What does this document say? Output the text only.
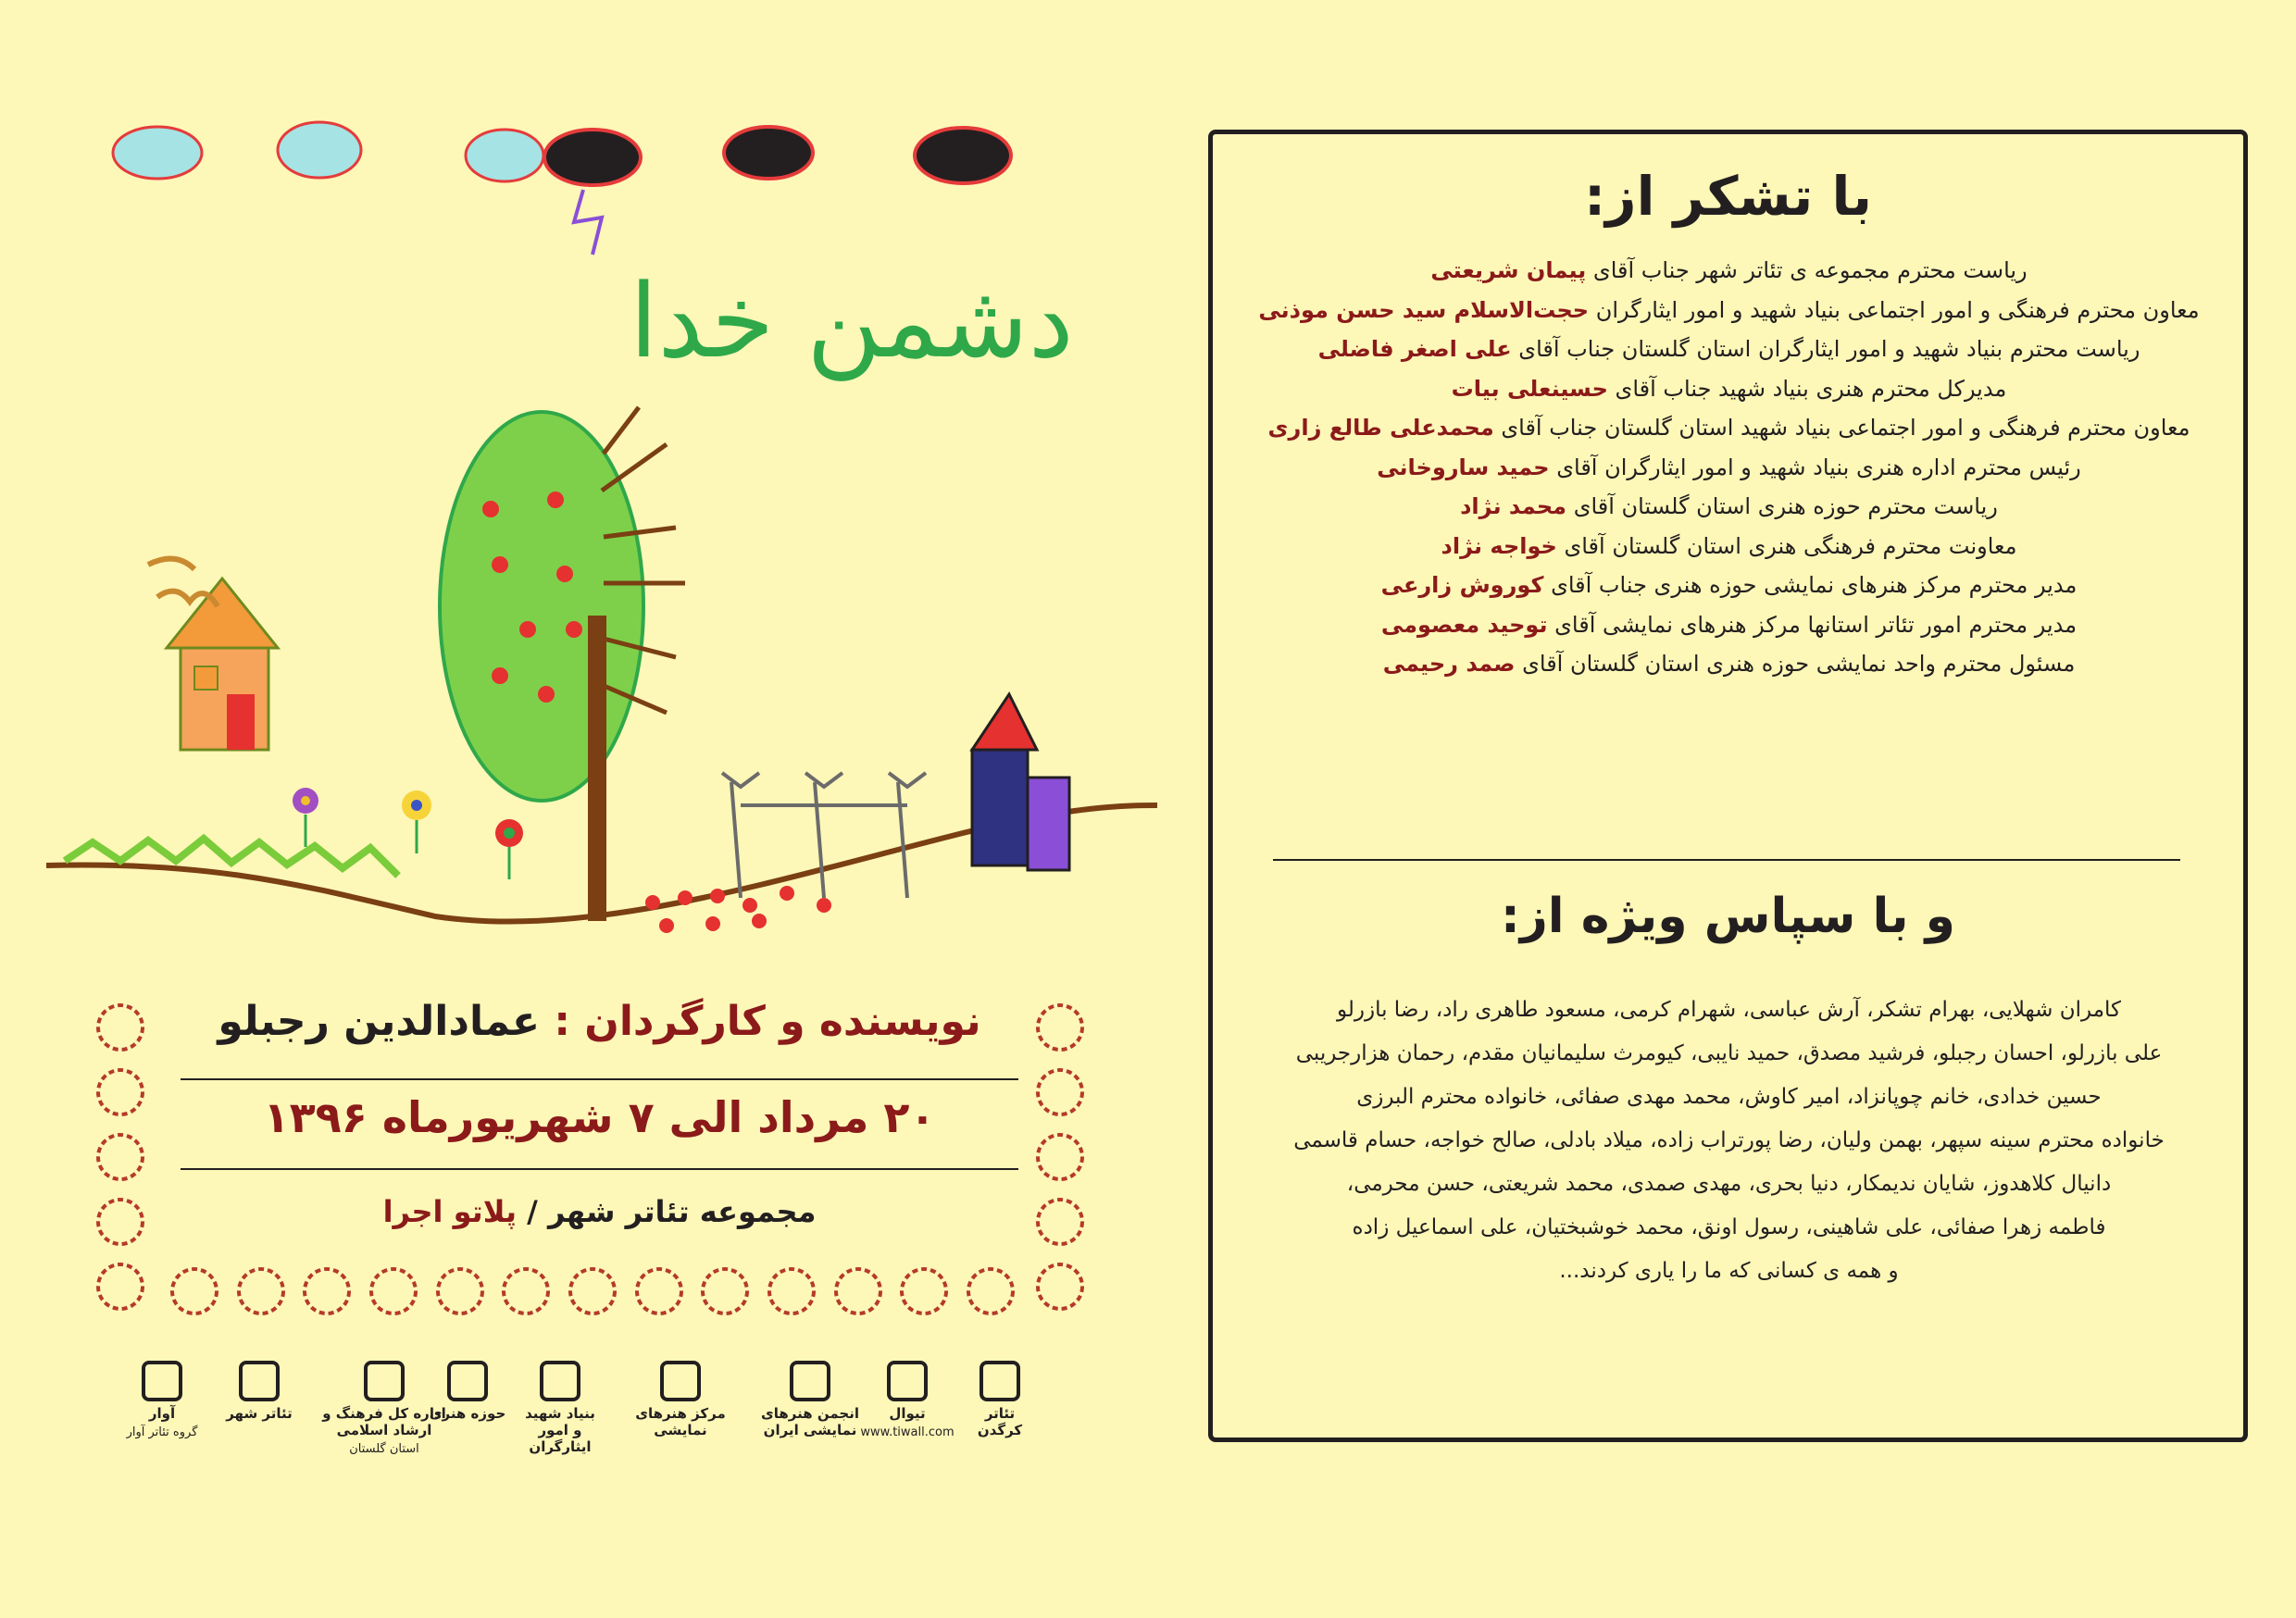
دشمن خدا
نویسنده و کارگردان : عمادالدین رجبلو
۲۰ مرداد الی ۷ شهریورماه ۱۳۹۶
مجموعه تئاتر شهر / پلاتو اجرا
تئاتر کرگدن
تیوال
www.tiwall.com
انجمن هنرهای نمایشی ایران
مرکز هنرهای نمایشی
بنیاد شهید و امور ایثارگران
حوزه هنری
اداره کل فرهنگ و ارشاد اسلامی
استان گلستان
تئاتر شهر
آوار
گروه تئاتر آوار
با تشکر از:
ریاست محترم مجموعه ی تئاتر شهر جناب آقای پیمان شریعتی
معاون محترم فرهنگی و امور اجتماعی بنیاد شهید و امور ایثارگران حجت‌الاسلام سید حسن موذنی
ریاست محترم بنیاد شهید و امور ایثارگران استان گلستان جناب آقای علی اصغر فاضلی
مدیرکل محترم هنری بنیاد شهید جناب آقای حسینعلی بیات
معاون محترم فرهنگی و امور اجتماعی بنیاد شهید استان گلستان جناب آقای محمدعلی طالع زاری
رئیس محترم اداره هنری بنیاد شهید و امور ایثارگران آقای حمید ساروخانی
ریاست محترم حوزه هنری استان گلستان آقای محمد نژاد
معاونت محترم فرهنگی هنری استان گلستان آقای خواجه نژاد
مدیر محترم مرکز هنرهای نمایشی حوزه هنری جناب آقای کوروش زارعی
مدیر محترم امور تئاتر استانها مرکز هنرهای نمایشی آقای توحید معصومی
مسئول محترم واحد نمایشی حوزه هنری استان گلستان آقای صمد رحیمی
و با سپاس ویژه از:
کامران شهلایی، بهرام تشکر، آرش عباسی، شهرام کرمی، مسعود طاهری راد، رضا بازرلو
علی بازرلو، احسان رجبلو، فرشید مصدق، حمید نایبی، کیومرث سلیمانیان مقدم، رحمان هزارجریبی
حسین خدادی، خانم چوپانزاد، امیر کاوش، محمد مهدی صفائی، خانواده محترم البرزی
خانواده محترم سینه سپهر، بهمن ولیان، رضا پورتراب زاده، میلاد بادلی، صالح خواجه، حسام قاسمی
دانیال کلاهدوز، شایان ندیمکار، دنیا بحری، مهدی صمدی، محمد شریعتی، حسن محرمی،
فاطمه زهرا صفائی، علی شاهینی، رسول اونق، محمد خوشبختیان، علی اسماعیل زاده
و همه ی کسانی که ما را یاری کردند...
